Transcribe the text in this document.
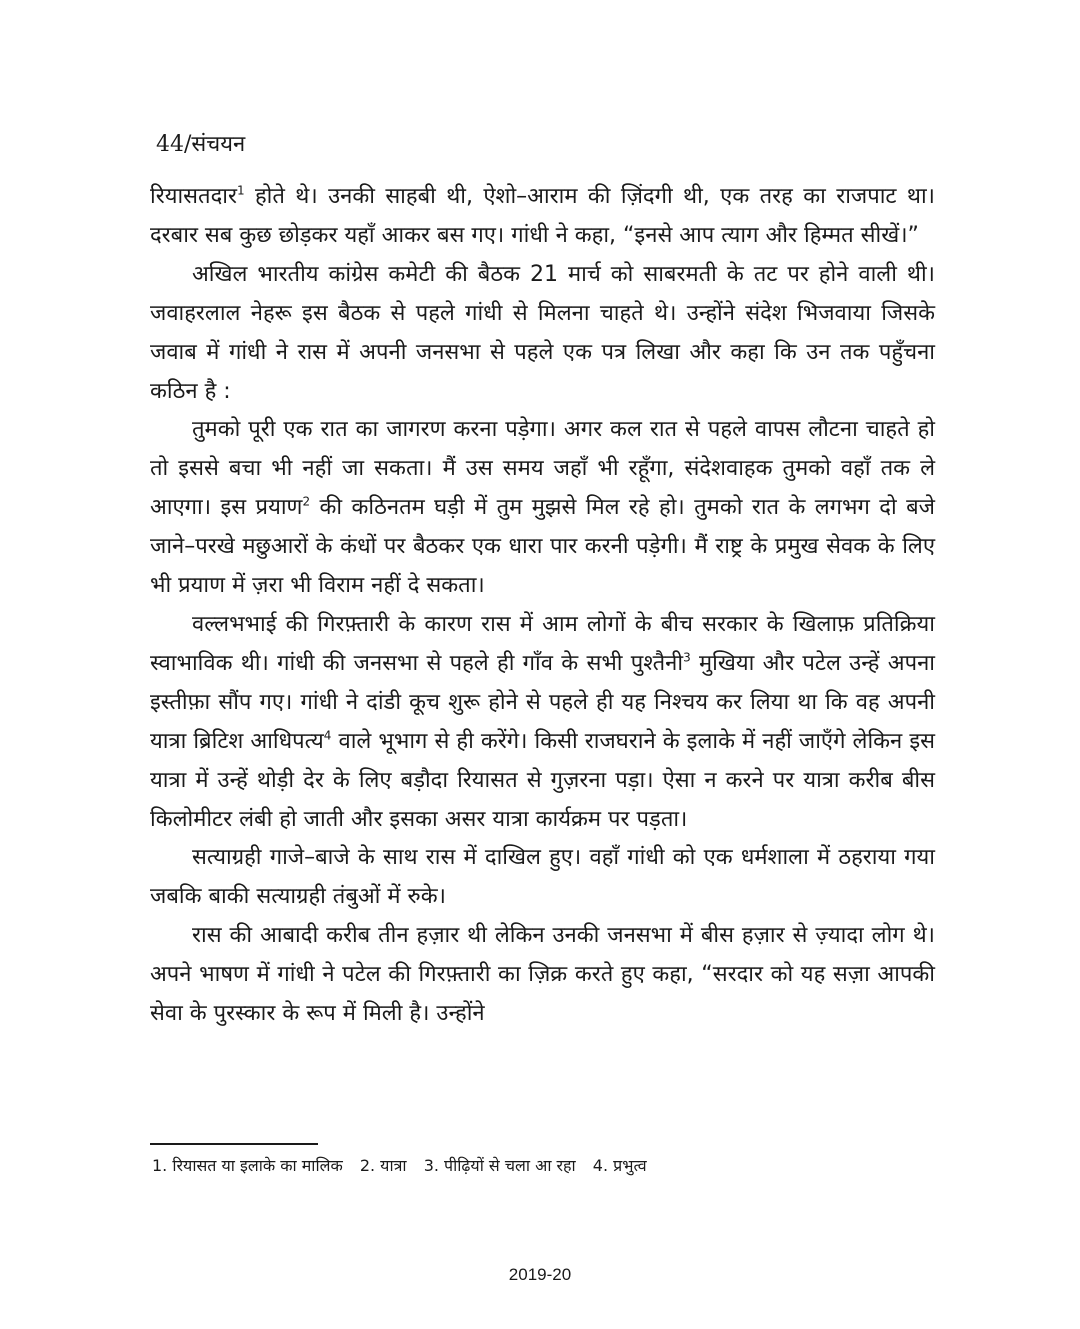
44/संचयन

रियासतदार$^1$ होते थे। उनकी साहबी थी, ऐशो–आराम की ज़िंदगी थी, एक तरह का राजपाट था। दरबार सब कुछ छोड़कर यहाँ आकर बस गए। गांधी ने कहा, “इनसे आप त्याग और हिम्मत सीखें।”

अखिल भारतीय कांग्रेस कमेटी की बैठक 21 मार्च को साबरमती के तट पर होने वाली थी। जवाहरलाल नेहरू इस बैठक से पहले गांधी से मिलना चाहते थे। उन्होंने संदेश भिजवाया जिसके जवाब में गांधी ने रास में अपनी जनसभा से पहले एक पत्र लिखा और कहा कि उन तक पहुँचना कठिन है :

तुमको पूरी एक रात का जागरण करना पड़ेगा। अगर कल रात से पहले वापस लौटना चाहते हो तो इससे बचा भी नहीं जा सकता। मैं उस समय जहाँ भी रहूँगा, संदेशवाहक तुमको वहाँ तक ले आएगा। इस प्रयाण$^2$ की कठिनतम घड़ी में तुम मुझसे मिल रहे हो। तुमको रात के लगभग दो बजे जाने–परखे मछुआरों के कंधों पर बैठकर एक धारा पार करनी पड़ेगी। मैं राष्ट्र के प्रमुख सेवक के लिए भी प्रयाण में ज़रा भी विराम नहीं दे सकता।

वल्लभभाई की गिरफ़्तारी के कारण रास में आम लोगों के बीच सरकार के खिलाफ़ प्रतिक्रिया स्वाभाविक थी। गांधी की जनसभा से पहले ही गाँव के सभी पुश्तैनी$^3$ मुखिया और पटेल उन्हें अपना इस्तीफ़ा सौंप गए। गांधी ने दांडी कूच शुरू होने से पहले ही यह निश्चय कर लिया था कि वह अपनी यात्रा ब्रिटिश आधिपत्य$^4$ वाले भूभाग से ही करेंगे। किसी राजघराने के इलाके में नहीं जाएँगे लेकिन इस यात्रा में उन्हें थोड़ी देर के लिए बड़ौदा रियासत से गुज़रना पड़ा। ऐसा न करने पर यात्रा करीब बीस किलोमीटर लंबी हो जाती और इसका असर यात्रा कार्यक्रम पर पड़ता।

सत्याग्रही गाजे–बाजे के साथ रास में दाखिल हुए। वहाँ गांधी को एक धर्मशाला में ठहराया गया जबकि बाकी सत्याग्रही तंबुओं में रुके।

रास की आबादी करीब तीन हज़ार थी लेकिन उनकी जनसभा में बीस हज़ार से ज़्यादा लोग थे। अपने भाषण में गांधी ने पटेल की गिरफ़्तारी का ज़िक्र करते हुए कहा, “सरदार को यह सज़ा आपकी सेवा के पुरस्कार के रूप में मिली है। उन्होंने

1. रियासत या इलाके का मालिक 2. यात्रा 3. पीढ़ियों से चला आ रहा 4. प्रभुत्व
2019-20
